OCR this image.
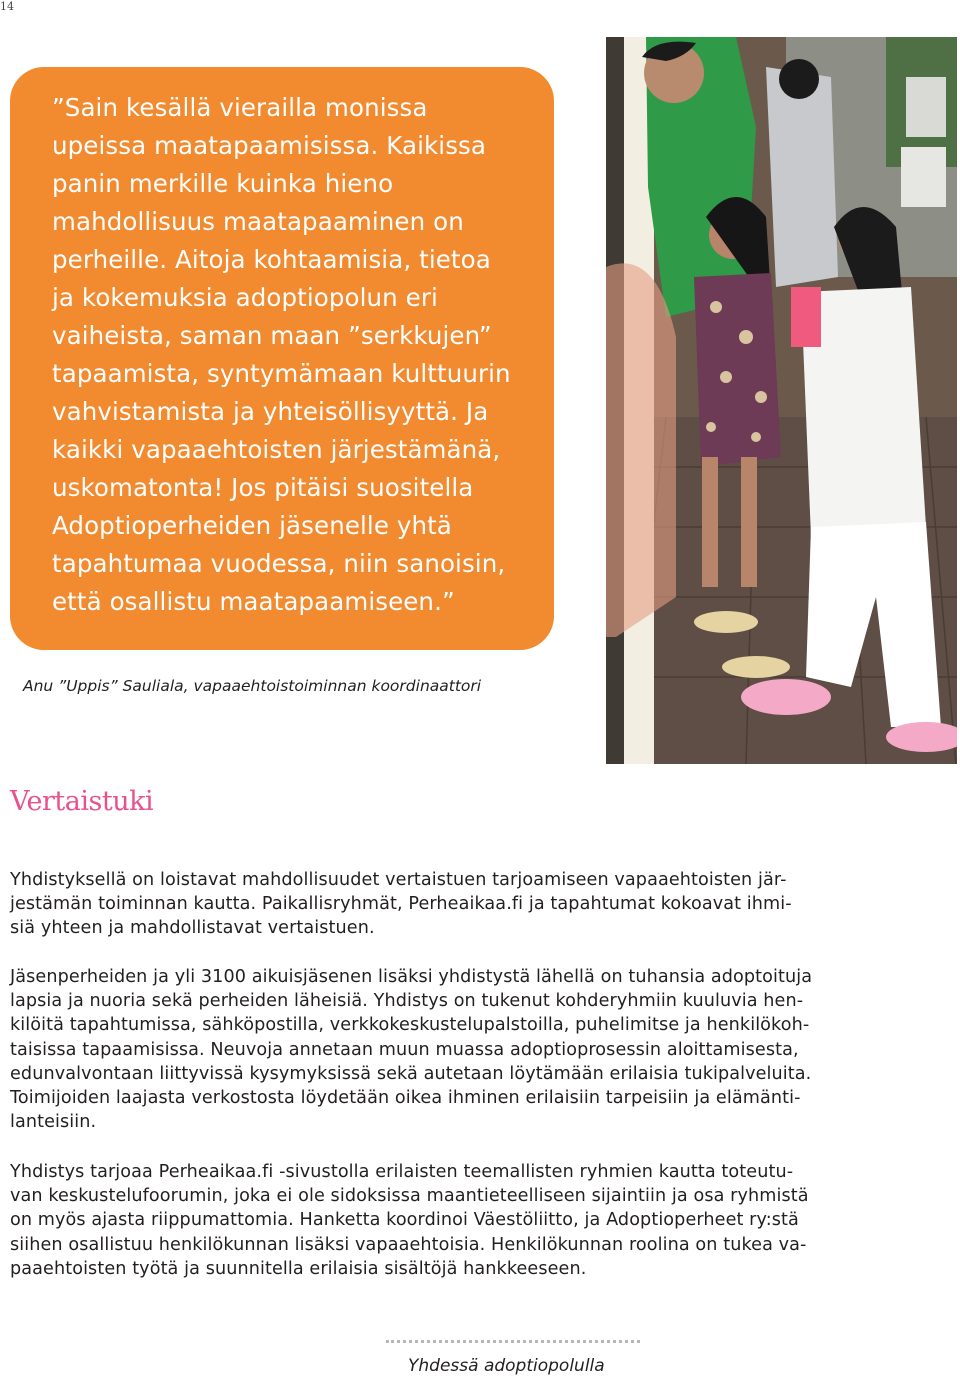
14
”Sain kesällä vierailla monissa
upeissa maatapaamisissa. Kaikissa
panin merkille kuinka hieno
mahdollisuus maatapaaminen on
perheille. Aitoja kohtaamisia, tietoa
ja kokemuksia adoptiopolun eri
vaiheista, saman maan ”serkkujen”
tapaamista, syntymämaan kulttuurin
vahvistamista ja yhteisöllisyyttä. Ja
kaikki vapaaehtoisten järjestämänä,
uskomatonta! Jos pitäisi suositella
Adoptioperheiden jäsenelle yhtä
tapahtumaa vuodessa, niin sanoisin,
että osallistu maatapaamiseen.”
Anu ”Uppis” Sauliala, vapaaehtoistoiminnan koordinaattori
Vertaistuki
Yhdistyksellä on loistavat mahdollisuudet vertaistuen tarjoamiseen vapaaehtoisten jär-
jestämän toiminnan kautta. Paikallisryhmät, Perheaikaa.fi ja tapahtumat kokoavat ihmi-
siä yhteen ja mahdollistavat vertaistuen.
Jäsenperheiden ja yli 3100 aikuisjäsenen lisäksi yhdistystä lähellä on tuhansia adoptoituja
lapsia ja nuoria sekä perheiden läheisiä. Yhdistys on tukenut kohderyhmiin kuuluvia hen-
kilöitä tapahtumissa, sähköpostilla, verkkokeskustelupalstoilla, puhelimitse ja henkilökoh-
taisissa tapaamisissa. Neuvoja annetaan muun muassa adoptioprosessin aloittamisesta,
edunvalvontaan liittyvissä kysymyksissä sekä autetaan löytämään erilaisia tukipalveluita.
Toimijoiden laajasta verkostosta löydetään oikea ihminen erilaisiin tarpeisiin ja elämänti-
lanteisiin.
Yhdistys tarjoaa Perheaikaa.fi -sivustolla erilaisten teemallisten ryhmien kautta toteutu-
van keskustelufoorumin, joka ei ole sidoksissa maantieteelliseen sijaintiin ja osa ryhmistä
on myös ajasta riippumattomia. Hanketta koordinoi Väestöliitto, ja Adoptioperheet ry:stä
siihen osallistuu henkilökunnan lisäksi vapaaehtoisia. Henkilökunnan roolina on tukea va-
paaehtoisten työtä ja suunnitella erilaisia sisältöjä hankkeeseen.
Yhdessä adoptiopolulla
